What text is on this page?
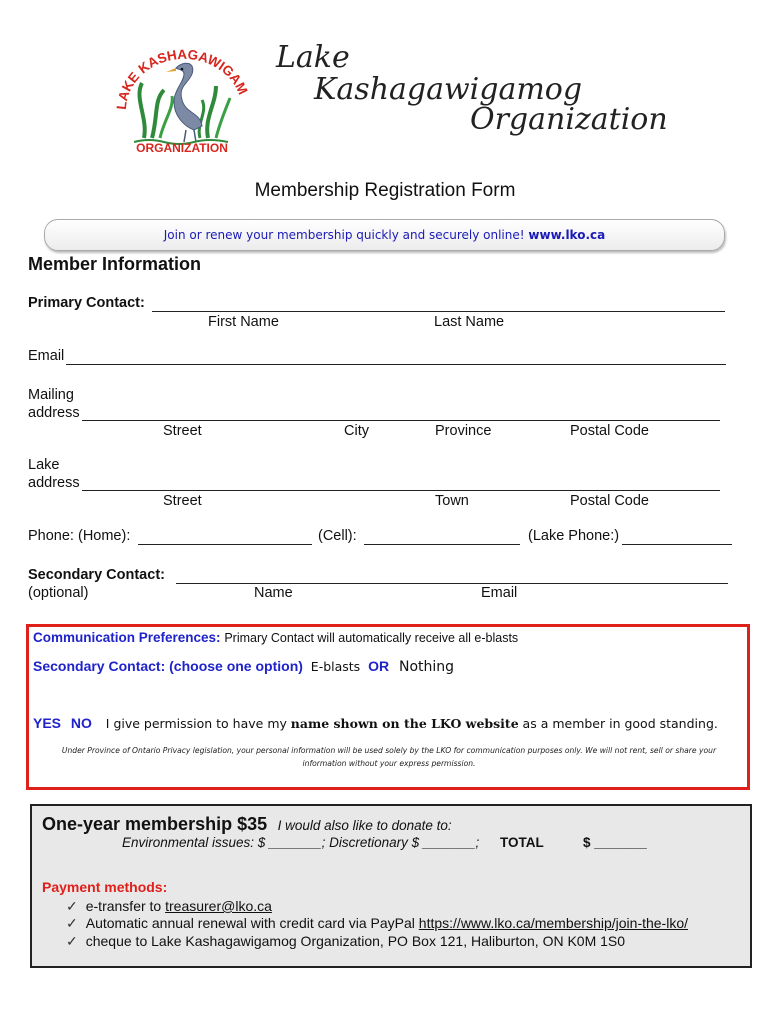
LAKE KASHAGAWIGAM
ORGANIZATION
Lake
Kashagawigamog
Organization
Membership Registration Form
Join or renew your membership quickly and securely online! www.lko.ca
Member Information
Primary Contact:
First Name	Last Name
Email
Mailing
address
Street	City	Province	Postal Code
Lake
address
Street	Town	Postal Code
Phone: (Home):	(Cell):	(Lake Phone:)
Secondary Contact:
(optional)	Name	Email
Communication Preferences: Primary Contact will automatically receive all e-blasts
Secondary Contact: (choose one option) E-blasts OR Nothing
YES NO I give permission to have my name shown on the LKO website as a member in good standing.
Under Province of Ontario Privacy legislation, your personal information will be used solely by the LKO for communication purposes only. We will not rent, sell or share your
information without your express permission.
One-year membership $35 I would also like to donate to:
Environmental issues: $ _______; Discretionary $ _______; TOTAL	$ _______
Payment methods:
✓ e-transfer to treasurer@lko.ca
✓ Automatic annual renewal with credit card via PayPal https://www.lko.ca/membership/join-the-lko/
✓ cheque to Lake Kashagawigamog Organization, PO Box 121, Haliburton, ON K0M 1S0
